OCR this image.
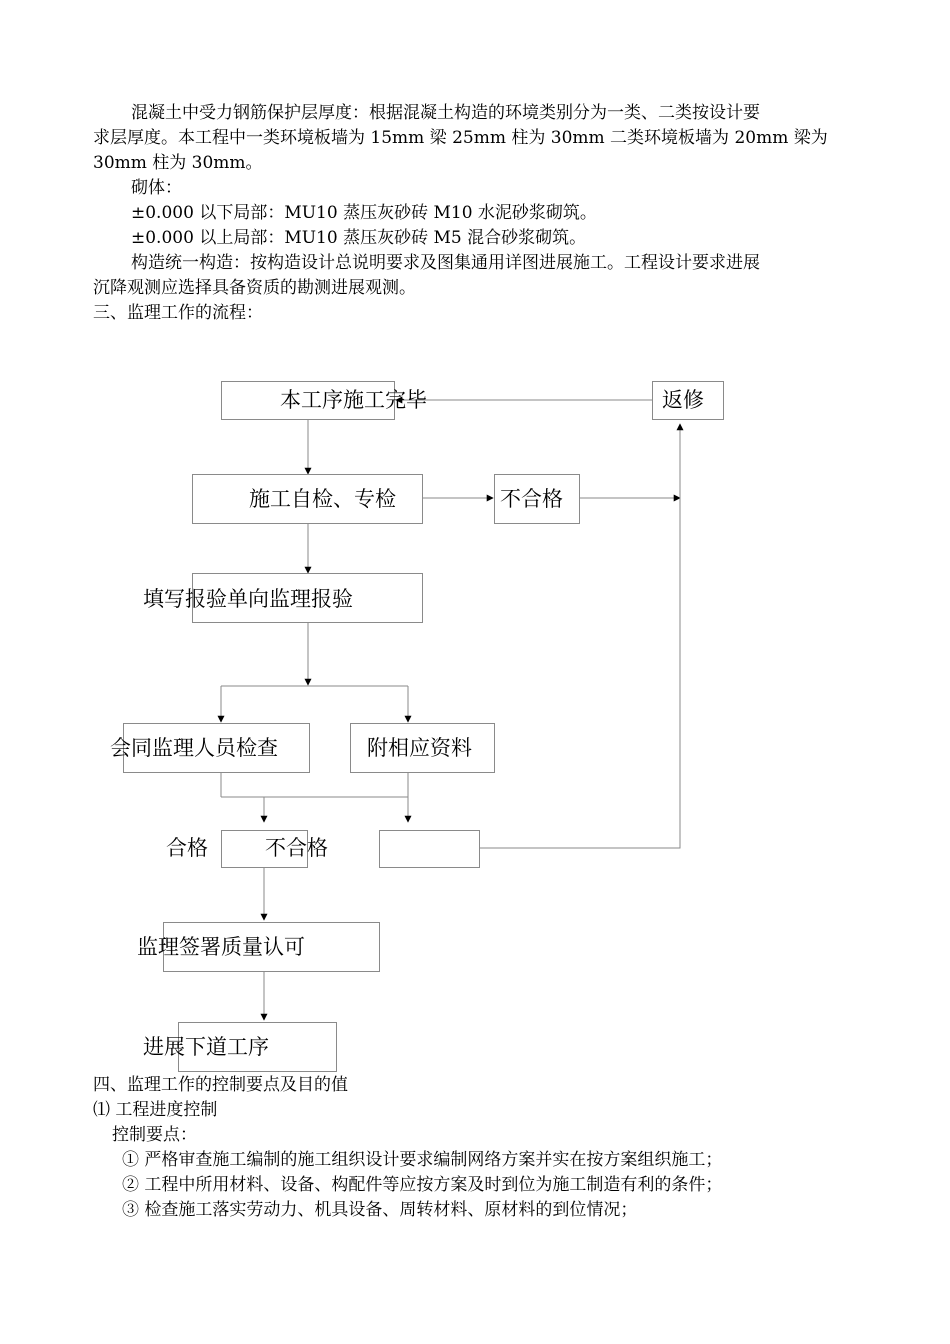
混凝土中受力钢筋保护层厚度：根据混凝土构造的环境类别分为一类、二类按设计要
求层厚度。本工程中一类环境板墙为 15mm 梁 25mm 柱为 30mm 二类环境板墙为 20mm 梁为
30mm 柱为 30mm。
砌体：
±0.000 以下局部：MU10 蒸压灰砂砖 M10 水泥砂浆砌筑。
±0.000 以上局部：MU10 蒸压灰砂砖 M5 混合砂浆砌筑。
构造统一构造：按构造设计总说明要求及图集通用详图进展施工。工程设计要求进展
沉降观测应选择具备资质的勘测进展观测。
三、监理工作的流程：
本工序施工完毕	返修
施工自检、专检	不合格
填写报验单向监理报验
会同监理人员检查	附相应资料
合格	不合格
监理签署质量认可
进展下道工序
四、监理工作的控制要点及目的值
⑴ 工程进度控制
控制要点：
① 严格审查施工编制的施工组织设计要求编制网络方案并实在按方案组织施工；
② 工程中所用材料、设备、构配件等应按方案及时到位为施工制造有利的条件；
③ 检查施工落实劳动力、机具设备、周转材料、原材料的到位情况；
